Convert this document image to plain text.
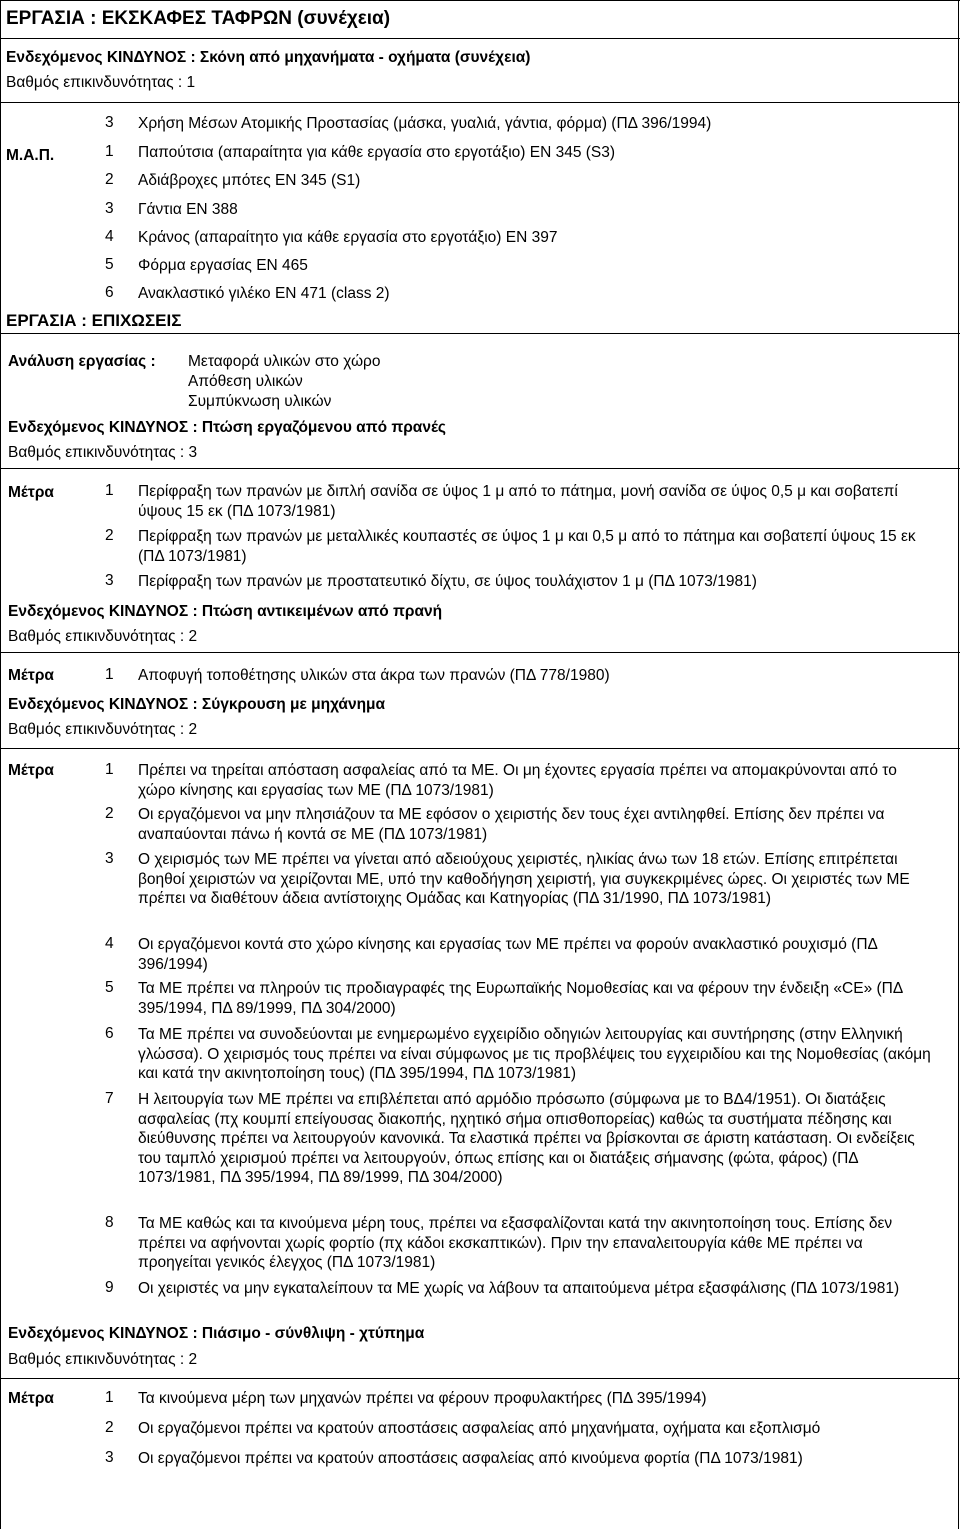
ΕΡΓΑΣΙΑ : ΕΚΣΚΑΦΕΣ ΤΑΦΡΩΝ (συνέχεια)
Ενδεχόμενος ΚΙΝΔΥΝΟΣ : Σκόνη από μηχανήματα - οχήματα (συνέχεια)
Βαθμός επικινδυνότητας : 1
3	Χρήση Μέσων Ατομικής Προστασίας (μάσκα, γυαλιά, γάντια, φόρμα) (ΠΔ 396/1994)
Μ.Α.Π.	1	Παπούτσια (απαραίτητα για κάθε εργασία στο εργοτάξιο) ΕΝ 345 (S3)
2	Αδιάβροχες μπότες ΕΝ 345 (S1)
3	Γάντια ΕΝ 388
4	Κράνος (απαραίτητο για κάθε εργασία στο εργοτάξιο) ΕΝ 397
5	Φόρμα εργασίας ΕΝ 465
6	Ανακλαστικό γιλέκο ΕΝ 471 (class 2)
ΕΡΓΑΣΙΑ : ΕΠΙΧΩΣΕΙΣ
Ανάλυση εργασίας : Μεταφορά υλικών στο χώρο
Απόθεση υλικών
Συμπύκνωση υλικών
Ενδεχόμενος ΚΙΝΔΥΝΟΣ : Πτώση εργαζόμενου από πρανές
Βαθμός επικινδυνότητας : 3
Μέτρα	1	Περίφραξη των πρανών με διπλή σανίδα σε ύψος 1 μ από το πάτημα, μονή σανίδα σε ύψος 0,5 μ και σοβατεπί ύψους 15 εκ (ΠΔ 1073/1981)
2	Περίφραξη των πρανών με μεταλλικές κουπαστές σε ύψος 1 μ και 0,5 μ από το πάτημα και σοβατεπί ύψους 15 εκ (ΠΔ 1073/1981)
3	Περίφραξη των πρανών με προστατευτικό δίχτυ, σε ύψος τουλάχιστον 1 μ (ΠΔ 1073/1981)
Ενδεχόμενος ΚΙΝΔΥΝΟΣ : Πτώση αντικειμένων από πρανή
Βαθμός επικινδυνότητας : 2
Μέτρα	1	Αποφυγή τοποθέτησης υλικών στα άκρα των πρανών (ΠΔ 778/1980)
Ενδεχόμενος ΚΙΝΔΥΝΟΣ : Σύγκρουση με μηχάνημα
Βαθμός επικινδυνότητας : 2
Μέτρα	1	Πρέπει να τηρείται απόσταση ασφαλείας από τα ΜΕ. Οι μη έχοντες εργασία πρέπει να απομακρύνονται από το χώρο κίνησης και εργασίας των ΜΕ (ΠΔ 1073/1981)
2	Οι εργαζόμενοι να μην πλησιάζουν τα ΜΕ εφόσον ο χειριστής δεν τους έχει αντιληφθεί. Επίσης δεν πρέπει να αναπαύονται πάνω ή κοντά σε ΜΕ (ΠΔ 1073/1981)
3	Ο χειρισμός των ΜΕ πρέπει να γίνεται από αδειούχους χειριστές, ηλικίας άνω των 18 ετών. Επίσης επιτρέπεται βοηθοί χειριστών να χειρίζονται ΜΕ, υπό την καθοδήγηση χειριστή, για συγκεκριμένες ώρες. Οι χειριστές των ΜΕ πρέπει να διαθέτουν άδεια αντίστοιχης Ομάδας και Κατηγορίας (ΠΔ 31/1990, ΠΔ 1073/1981)
4	Οι εργαζόμενοι κοντά στο χώρο κίνησης και εργασίας των ΜΕ πρέπει να φορούν ανακλαστικό ρουχισμό (ΠΔ 396/1994)
5	Τα ΜΕ πρέπει να πληρούν τις προδιαγραφές της Ευρωπαϊκής Νομοθεσίας και να φέρουν την ένδειξη «CE» (ΠΔ 395/1994, ΠΔ 89/1999, ΠΔ 304/2000)
6	Τα ΜΕ πρέπει να συνοδεύονται με ενημερωμένο εγχειρίδιο οδηγιών λειτουργίας και συντήρησης (στην Ελληνική γλώσσα). Ο χειρισμός τους πρέπει να είναι σύμφωνος με τις προβλέψεις του εγχειριδίου και της Νομοθεσίας (ακόμη και κατά την ακινητοποίηση τους) (ΠΔ 395/1994, ΠΔ 1073/1981)
7	Η λειτουργία των ΜΕ πρέπει να επιβλέπεται από αρμόδιο πρόσωπο (σύμφωνα με το ΒΔ4/1951). Οι διατάξεις ασφαλείας (πχ κουμπί επείγουσας διακοπής, ηχητικό σήμα οπισθοπορείας) καθώς τα συστήματα πέδησης και διεύθυνσης πρέπει να λειτουργούν κανονικά. Τα ελαστικά πρέπει να βρίσκονται σε άριστη κατάσταση. Οι ενδείξεις του ταμπλό χειρισμού πρέπει να λειτουργούν, όπως επίσης και οι διατάξεις σήμανσης (φώτα, φάρος) (ΠΔ 1073/1981, ΠΔ 395/1994, ΠΔ 89/1999, ΠΔ 304/2000)
8	Τα ΜΕ καθώς και τα κινούμενα μέρη τους, πρέπει να εξασφαλίζονται κατά την ακινητοποίηση τους. Επίσης δεν πρέπει να αφήνονται χωρίς φορτίο (πχ κάδοι εκσκαπτικών). Πριν την επαναλειτουργία κάθε ΜΕ πρέπει να προηγείται γενικός έλεγχος (ΠΔ 1073/1981)
9	Οι χειριστές να μην εγκαταλείπουν τα ΜΕ χωρίς να λάβουν τα απαιτούμενα μέτρα εξασφάλισης (ΠΔ 1073/1981)
Ενδεχόμενος ΚΙΝΔΥΝΟΣ : Πιάσιμο - σύνθλιψη - χτύπημα
Βαθμός επικινδυνότητας : 2
Μέτρα	1	Τα κινούμενα μέρη των μηχανών πρέπει να φέρουν προφυλακτήρες (ΠΔ 395/1994)
2	Οι εργαζόμενοι πρέπει να κρατούν αποστάσεις ασφαλείας από μηχανήματα, οχήματα και εξοπλισμό
3	Οι εργαζόμενοι πρέπει να κρατούν αποστάσεις ασφαλείας από κινούμενα φορτία (ΠΔ 1073/1981)
